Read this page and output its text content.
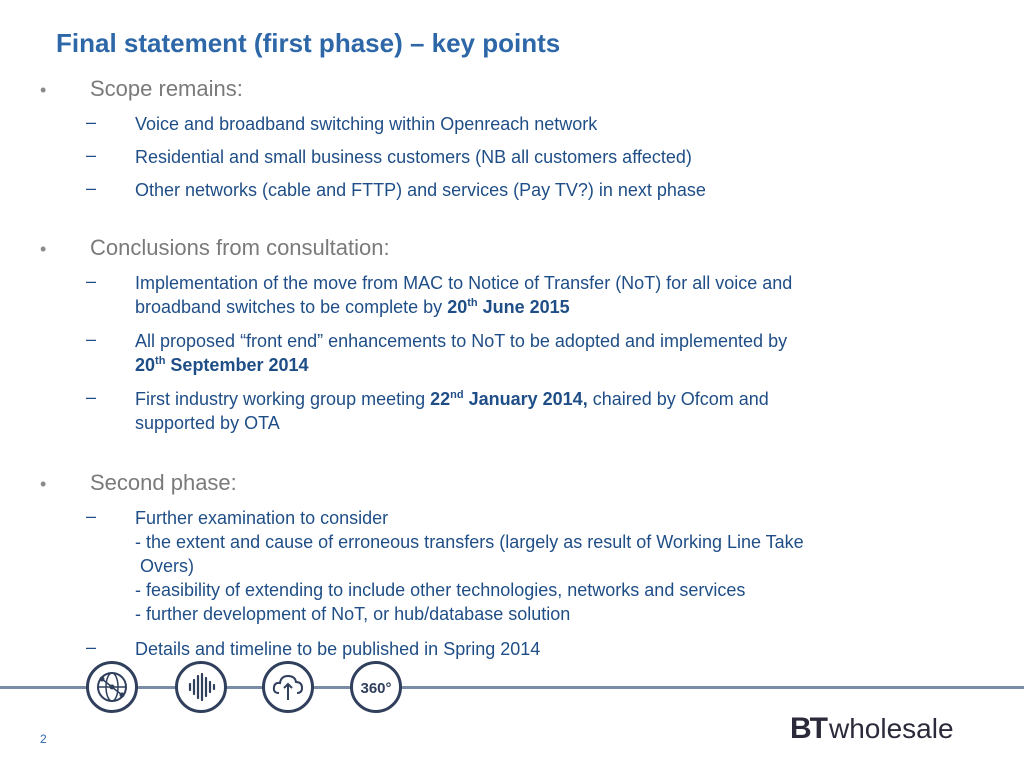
Final statement (first phase) – key points
• Scope remains:
– Voice and broadband switching within Openreach network
– Residential and small business customers (NB all customers affected)
– Other networks (cable and FTTP) and services (Pay TV?) in next phase
• Conclusions from consultation:
– Implementation of the move from MAC to Notice of Transfer (NoT) for all voice and
broadband switches to be complete by 20th June 2015
– All proposed “front end” enhancements to NoT to be adopted and implemented by
20th September 2014
– First industry working group meeting 22nd January 2014, chaired by Ofcom and
supported by OTA
• Second phase:
– Further examination to consider
- the extent and cause of erroneous transfers (largely as result of Working Line Take
Overs)
- feasibility of extending to include other technologies, networks and services
- further development of NoT, or hub/database solution
– Details and timeline to be published in Spring 2014
360°
2	BT wholesale
